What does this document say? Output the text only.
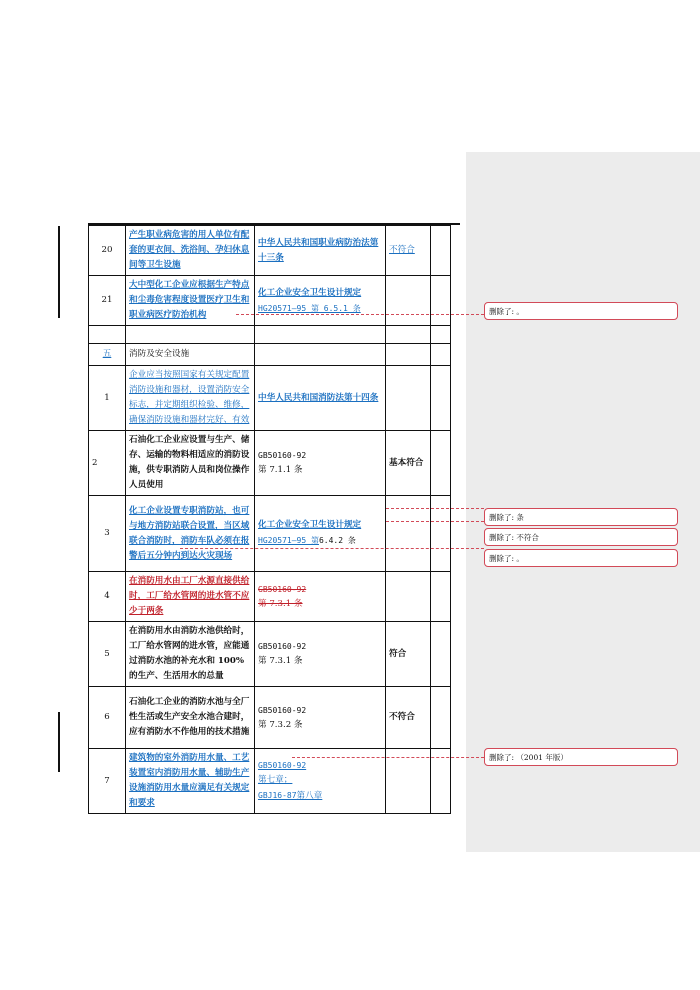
20	产生职业病危害的用人单位有配套的更衣间、洗浴间、孕妇休息间等卫生设施	中华人民共和国职业病防治法第十三条	不符合	
21	大中型化工企业应根据生产特点和尘毒危害程度设置医疗卫生和职业病医疗防治机构	化工企业安全卫生设计规定
HG20571—95 第 6.5.1 条		

五	消防及安全设施			
1	企业应当按照国家有关规定配置消防设施和器材，设置消防安全标志，并定期组织检验、维修，确保消防设施和器材完好、有效	中华人民共和国消防法第十四条		
2	石油化工企业应设置与生产、储存、运输的物料相适应的消防设施，供专职消防人员和岗位操作人员使用	GB50160-92
第 7.1.1 条	基本符合	
3	化工企业设置专职消防站，也可与地方消防站联合设置，当区域联合消防时，消防车队必须在报警后五分钟内到达火灾现场	化工企业安全卫生设计规定
HG20571—95 第6.4.2 条		

4	在消防用水由工厂水源直接供给时，工厂给水管网的进水管不应少于两条	GB50160-92
第 7.3.1 条		

5	在消防用水由消防水池供给时，工厂给水管网的进水管，应能通过消防水池的补充水和 100% 的生产、生活用水的总量	GB50160-92
第 7.3.1 条	符合	
6	石油化工企业的消防水池与全厂性生活或生产安全水池合建时，应有消防水不作他用的技术措施	GB50160-92
第 7.3.2 条	不符合	
7	建筑物的室外消防用水量、工艺装置室内消防用水量、辅助生产设施消防用水量应满足有关规定和要求	GB50160-92
第七章；
GBJ16-87第八章		

删除了: 。
删除了: 条
删除了: 不符合
删除了: 。
删除了: （2001 年版）
